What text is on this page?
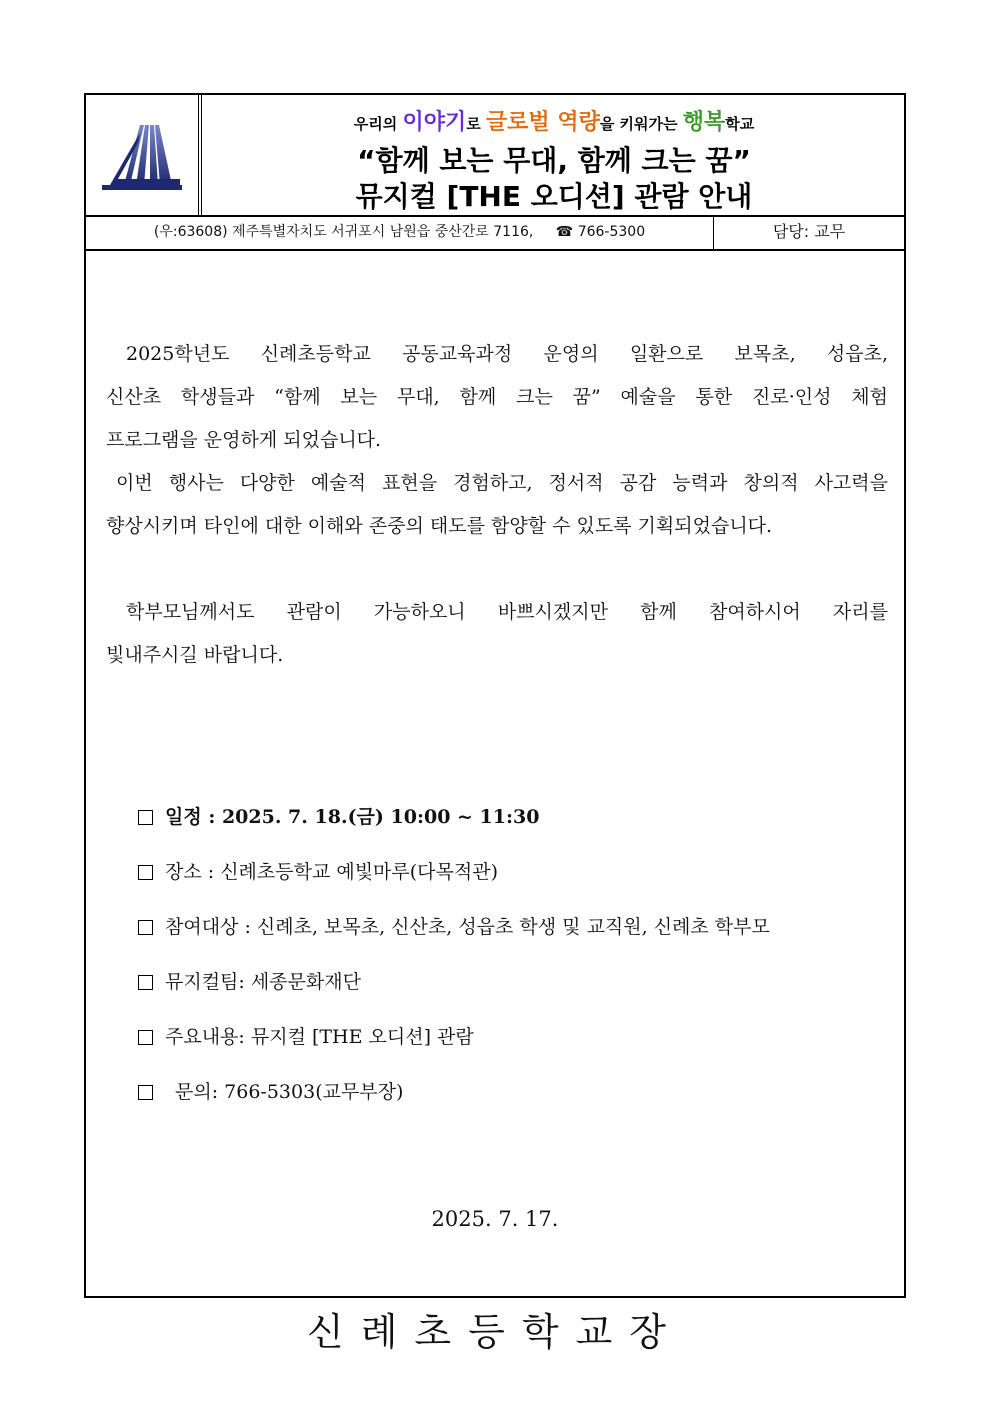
우리의 이야기로 글로벌 역량을 키워가는 행복학교
“함께 보는 무대, 함께 크는 꿈”
뮤지컬 [THE 오디션] 관람 안내
(우:63608) 제주특별자치도 서귀포시 남원읍 중산간로 7116, ☎ 766-5300	담당: 교무

2025학년도 신례초등학교 공동교육과정 운영의 일환으로 보목초, 성읍초,

신산초 학생들과 “함께 보는 무대, 함께 크는 꿈” 예술을 통한 진로·인성 체험

프로그램을 운영하게 되었습니다.

이번 행사는 다양한 예술적 표현을 경험하고, 정서적 공감 능력과 창의적 사고력을

향상시키며 타인에 대한 이해와 존중의 태도를 함양할 수 있도록 기획되었습니다.

학부모님께서도 관람이 가능하오니 바쁘시겠지만 함께 참여하시어 자리를

빛내주시길 바랍니다.

일정 : 2025. 7. 18.(금) 10:00 ~ 11:30
장소 : 신례초등학교 예빛마루(다목적관)
참여대상 : 신례초, 보목초, 신산초, 성읍초 학생 및 교직원, 신례초 학부모
뮤지컬팀: 세종문화재단
주요내용: 뮤지컬 [THE 오디션] 관람
문의: 766-5303(교무부장)
2025. 7. 17.
신례초등학교장
